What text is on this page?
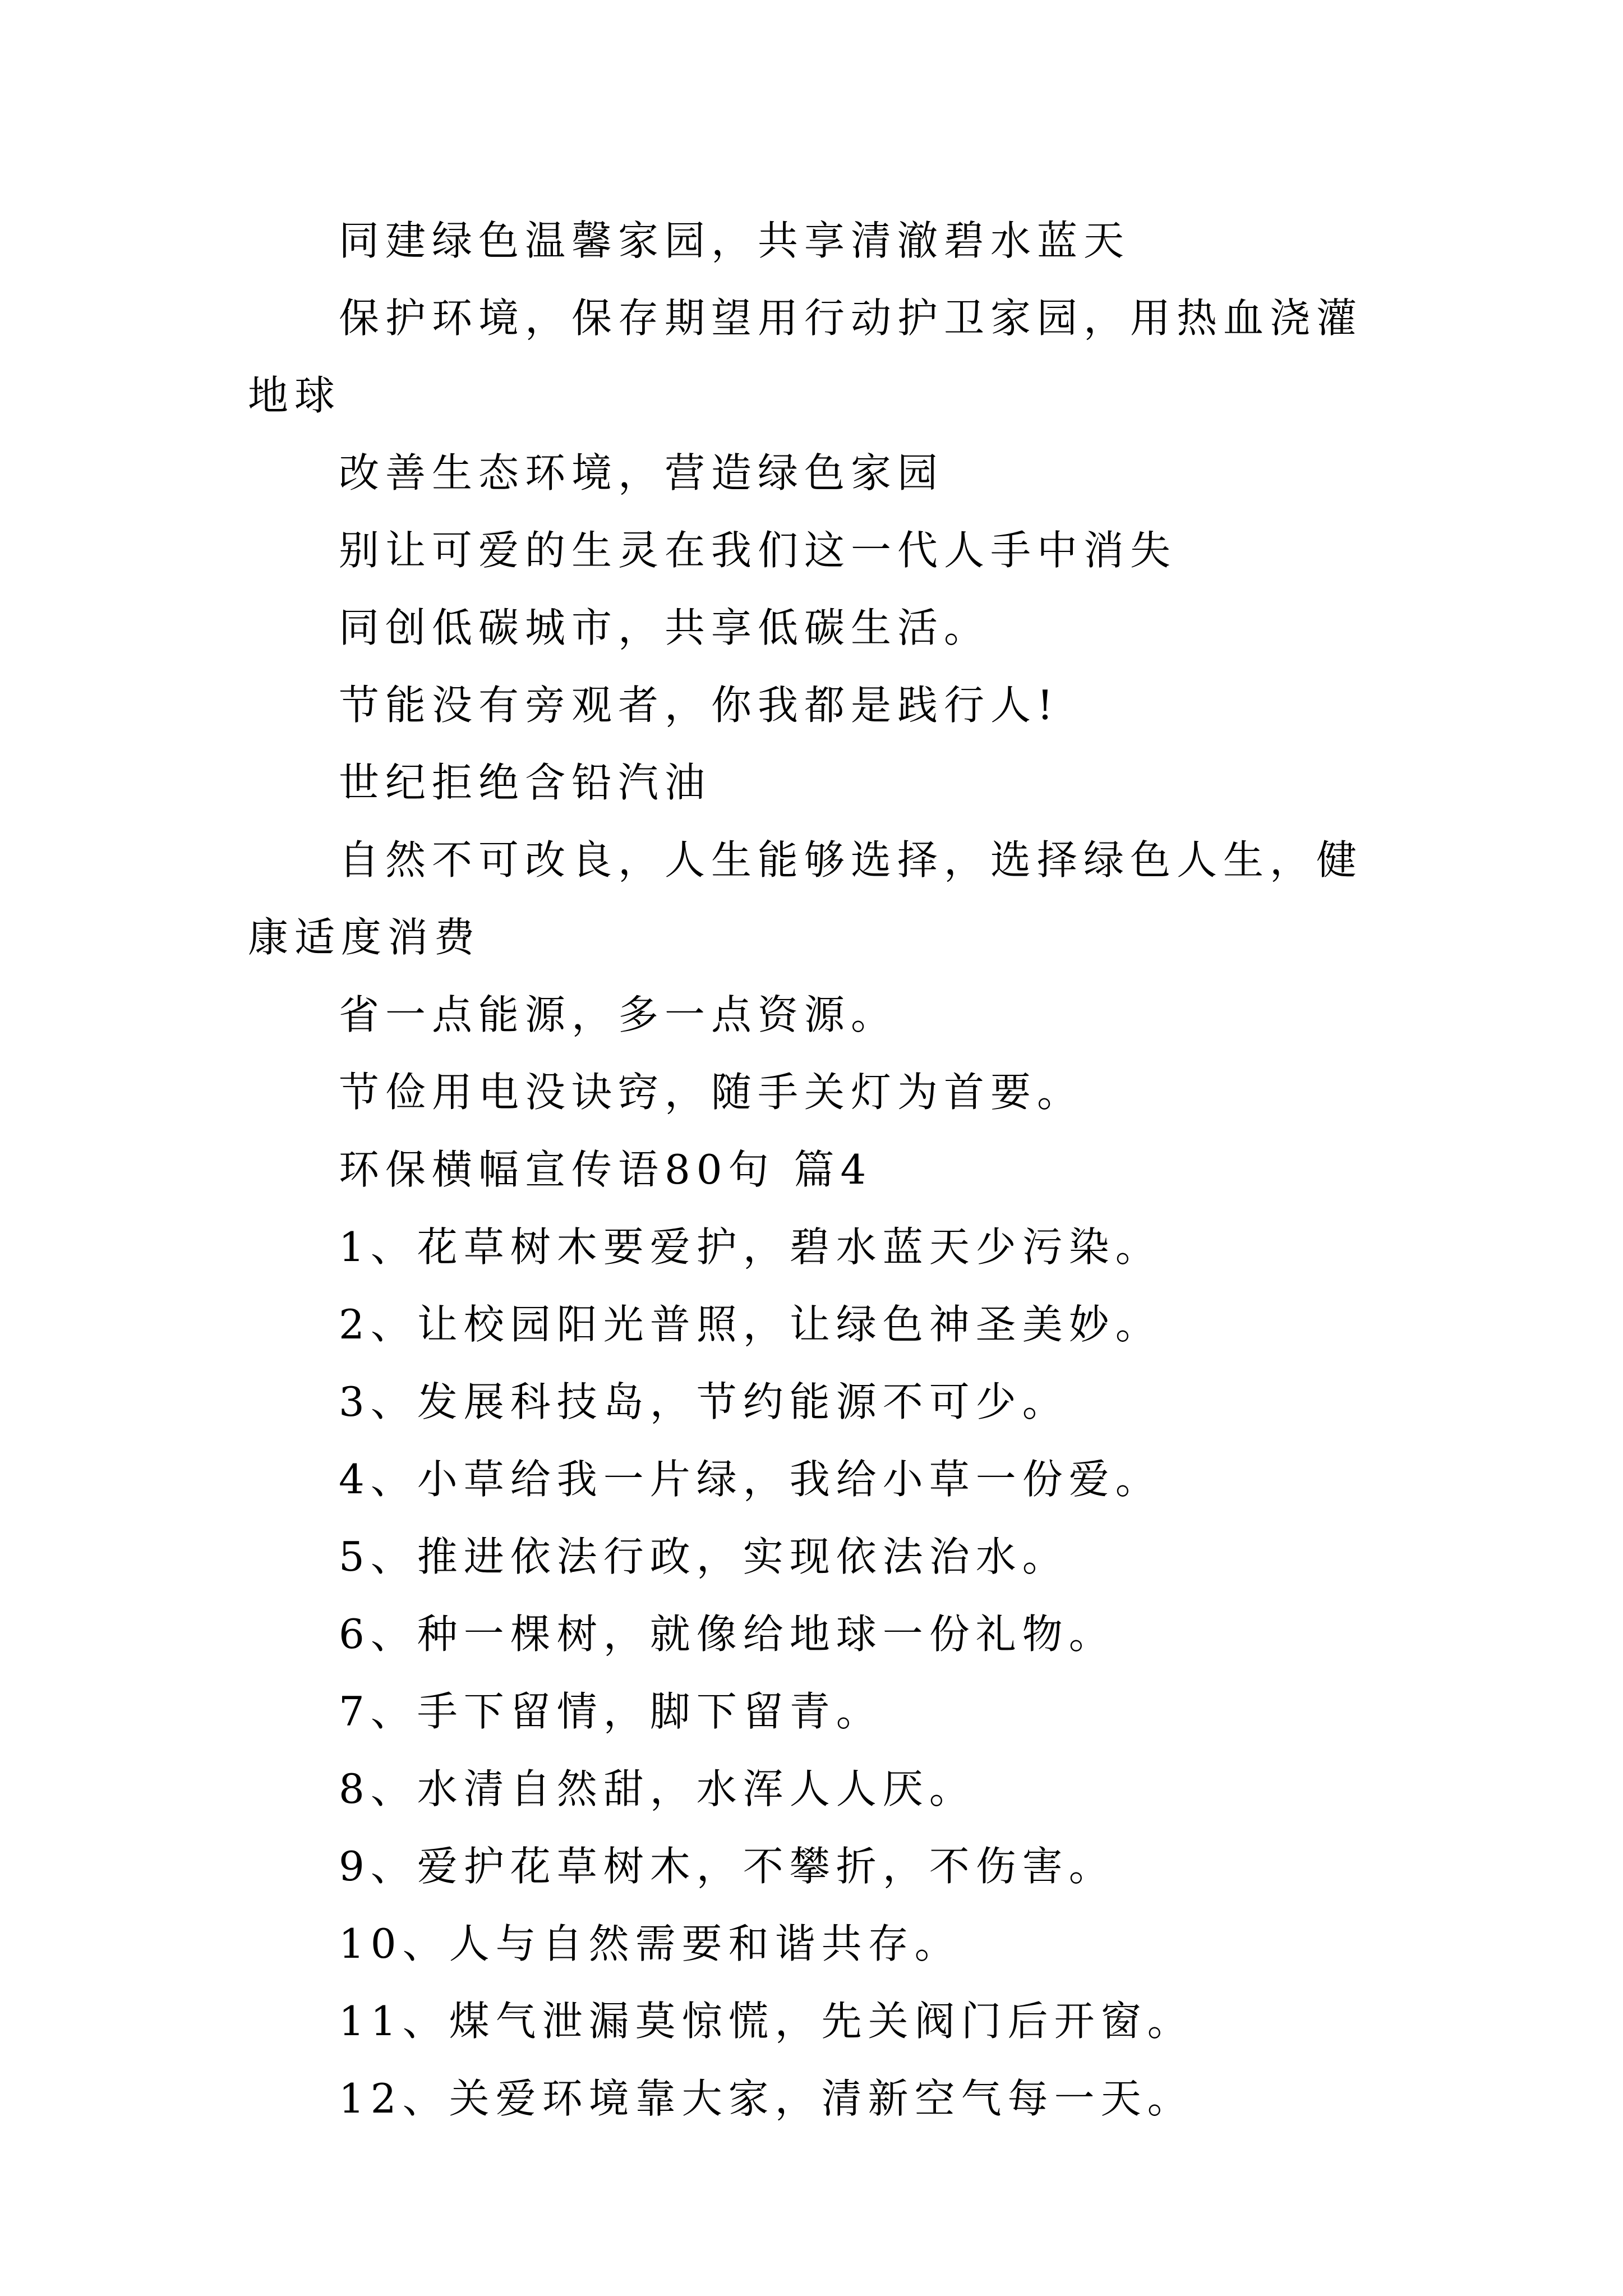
同建绿色温馨家园，共享清澈碧水蓝天

保护环境，保存期望用行动护卫家园，用热血浇灌地球

改善生态环境，营造绿色家园

别让可爱的生灵在我们这一代人手中消失

同创低碳城市，共享低碳生活。

节能没有旁观者，你我都是践行人!

世纪拒绝含铅汽油

自然不可改良，人生能够选择，选择绿色人生，健康适度消费

省一点能源，多一点资源。

节俭用电没诀窍，随手关灯为首要。

环保横幅宣传语80句 篇4

1、花草树木要爱护，碧水蓝天少污染。

2、让校园阳光普照，让绿色神圣美妙。

3、发展科技岛，节约能源不可少。

4、小草给我一片绿，我给小草一份爱。

5、推进依法行政，实现依法治水。

6、种一棵树，就像给地球一份礼物。

7、手下留情，脚下留青。

8、水清自然甜，水浑人人厌。

9、爱护花草树木，不攀折，不伤害。

10、人与自然需要和谐共存。

11、煤气泄漏莫惊慌，先关阀门后开窗。

12、关爱环境靠大家，清新空气每一天。
